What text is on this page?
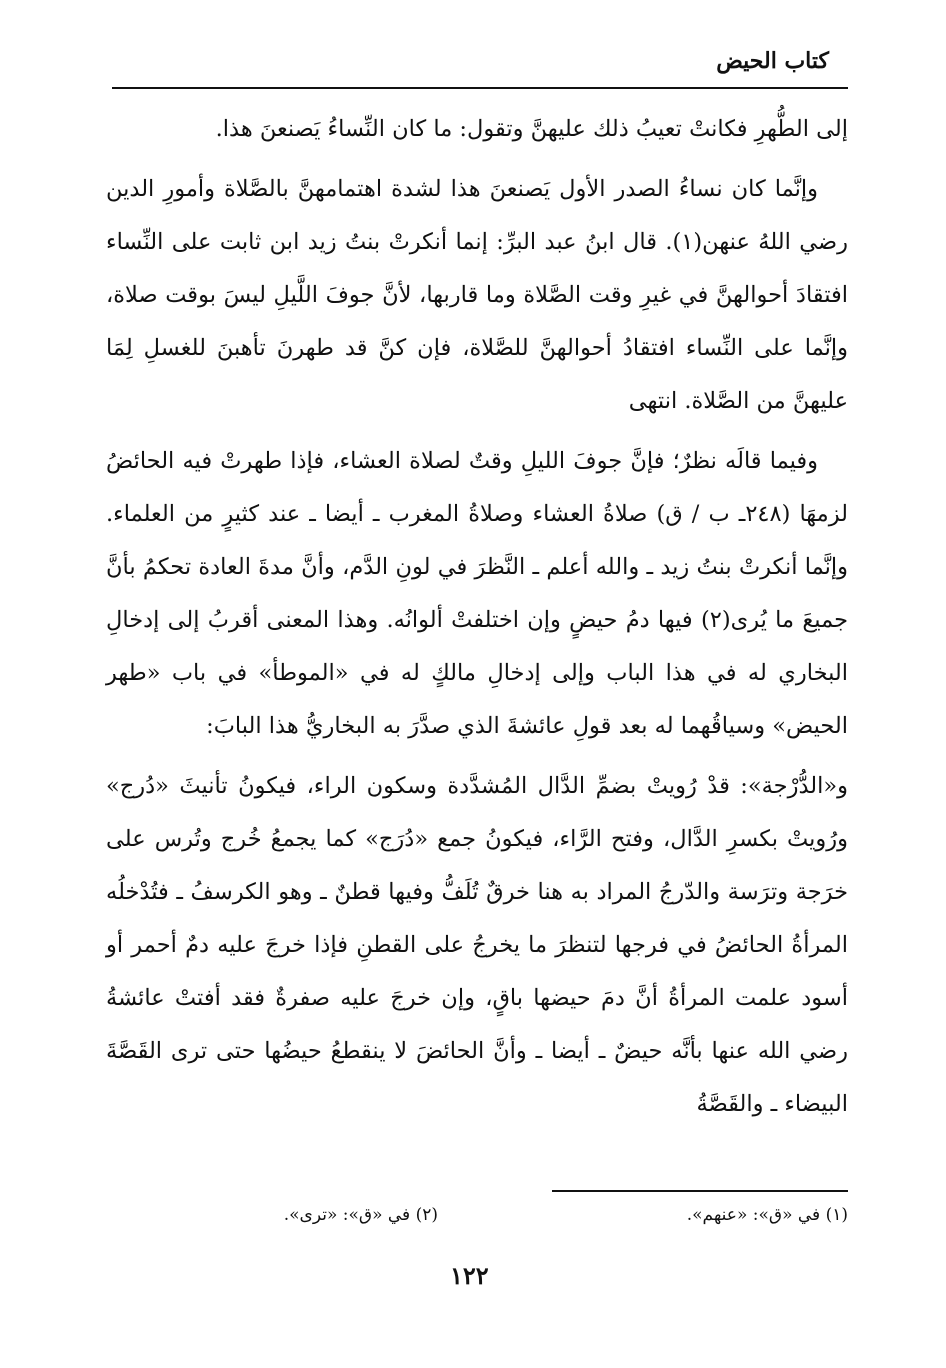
كتاب الحيض

إلى الطُّهرِ فكانتْ تعيبُ ذلك عليهنَّ وتقول: ما كان النِّساءُ يَصنعنَ هذا.

وإنَّما كان نساءُ الصدر الأول يَصنعنَ هذا لشدة اهتمامهنَّ بالصَّلاة وأمورِ الدين رضي اللهُ عنهن(١). قال ابنُ عبد البرِّ: إنما أنكرتْ بنتُ زيد ابن ثابت على النِّساء افتقادَ أحوالهنَّ في غيرِ وقت الصَّلاة وما قاربها، لأنَّ جوفَ اللَّيلِ ليسَ بوقت صلاة، وإنَّما على النِّساء افتقادُ أحوالهنَّ للصَّلاة، فإن كنَّ قد طهرنَ تأهبنَ للغسلِ لِمَا عليهنَّ من الصَّلاة. انتهى

وفيما قالَه نظرٌ؛ فإنَّ جوفَ الليلِ وقتٌ لصلاة العشاء، فإذا طهرتْ فيه الحائضُ لزمهَا (٢٤٨ـ ب / ق) صلاةُ العشاء وصلاةُ المغرب ـ أيضا ـ عند كثيرٍ من العلماء. وإنَّما أنكرتْ بنتُ زيد ـ والله أعلم ـ النَّظرَ في لونِ الدَّم، وأنَّ مدةَ العادة تحكمُ بأنَّ جميعَ ما يُرى(٢) فيها دمُ حيضٍ وإن اختلفتْ ألوانُه. وهذا المعنى أقربُ إلى إدخالِ البخاري له في هذا الباب وإلى إدخالِ مالكٍ له في «الموطأ» في باب «طهر الحيض» وسياقُهما له بعد قولِ عائشةَ الذي صدَّرَ به البخاريُّ هذا البابَ:

و«الدُّرْجة»: قدْ رُويتْ بضمِّ الدَّال المُشدَّدة وسكون الراء، فيكونُ تأنيثَ «دُرج» ورُويتْ بكسرِ الدَّال، وفتح الرَّاء، فيكونُ جمع «دُرَج» كما يجمعُ خُرج وتُرس على خرَجة وترَسة والدّرجُ المراد به هنا خرقٌ تُلَفُّ وفيها قطنٌ ـ وهو الكرسفُ ـ فتُدْخلُه المرأةُ الحائضُ في فرجها لتنظرَ ما يخرجُ على القطنِ فإذا خرجَ عليه دمٌ أحمر أو أسود علمت المرأةُ أنَّ دمَ حيضها باقٍ، وإن خرجَ عليه صفرةٌ فقد أفتتْ عائشةُ رضي الله عنها بأنَّه حيضٌ ـ أيضا ـ وأنَّ الحائضَ لا ينقطعُ حيضُها حتى ترى القَصَّةَ البيضاء ـ والقَصَّةُ

(١) في «ق»: «عنهم».
(٢) في «ق»: «ترى».
١٢٢
